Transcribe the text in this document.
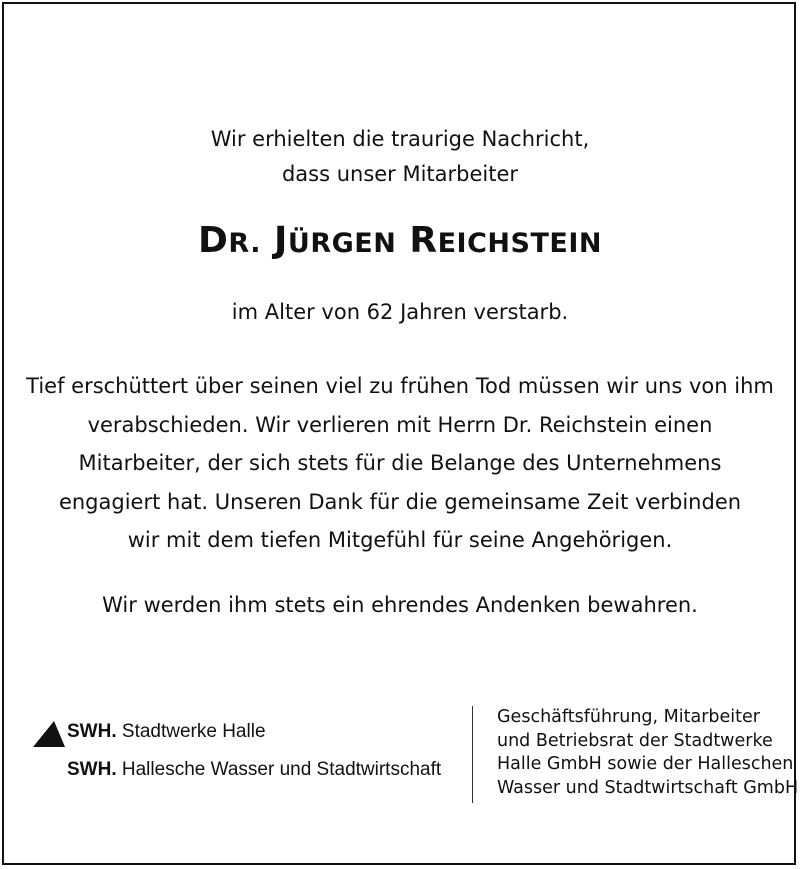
Wir erhielten die traurige Nachricht,
dass unser Mitarbeiter
DR. JÜRGEN REICHSTEIN
im Alter von 62 Jahren verstarb.
Tief erschüttert über seinen viel zu frühen Tod müssen wir uns von ihm
verabschieden. Wir verlieren mit Herrn Dr. Reichstein einen
Mitarbeiter, der sich stets für die Belange des Unternehmens
engagiert hat. Unseren Dank für die gemeinsame Zeit verbinden
wir mit dem tiefen Mitgefühl für seine Angehörigen.
Wir werden ihm stets ein ehrendes Andenken bewahren.
SWH. Stadtwerke Halle
SWH. Hallesche Wasser und Stadtwirtschaft
Geschäftsführung, Mitarbeiter
und Betriebsrat der Stadtwerke
Halle GmbH sowie der Halleschen
Wasser und Stadtwirtschaft GmbH
